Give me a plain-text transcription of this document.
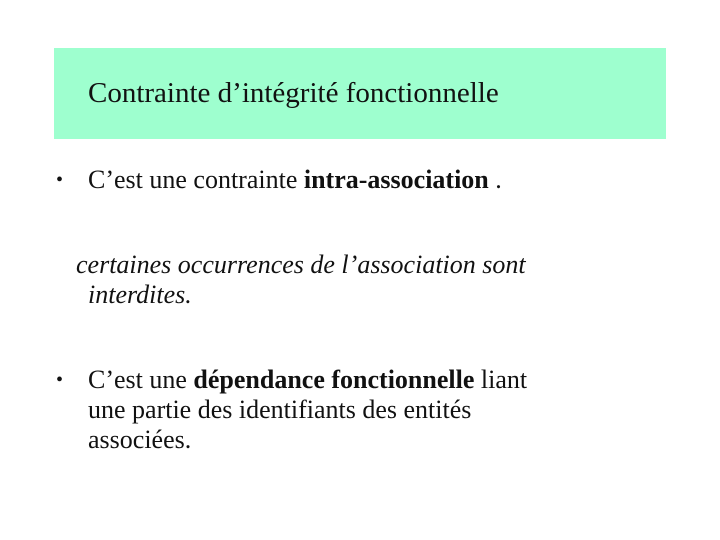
Contrainte d’intégrité fonctionnelle
• C’est une contrainte intra-association .
certaines occurrences de l’association sont
interdites.
• C’est une dépendance fonctionnelle liant
une partie des identifiants des entités
associées.
